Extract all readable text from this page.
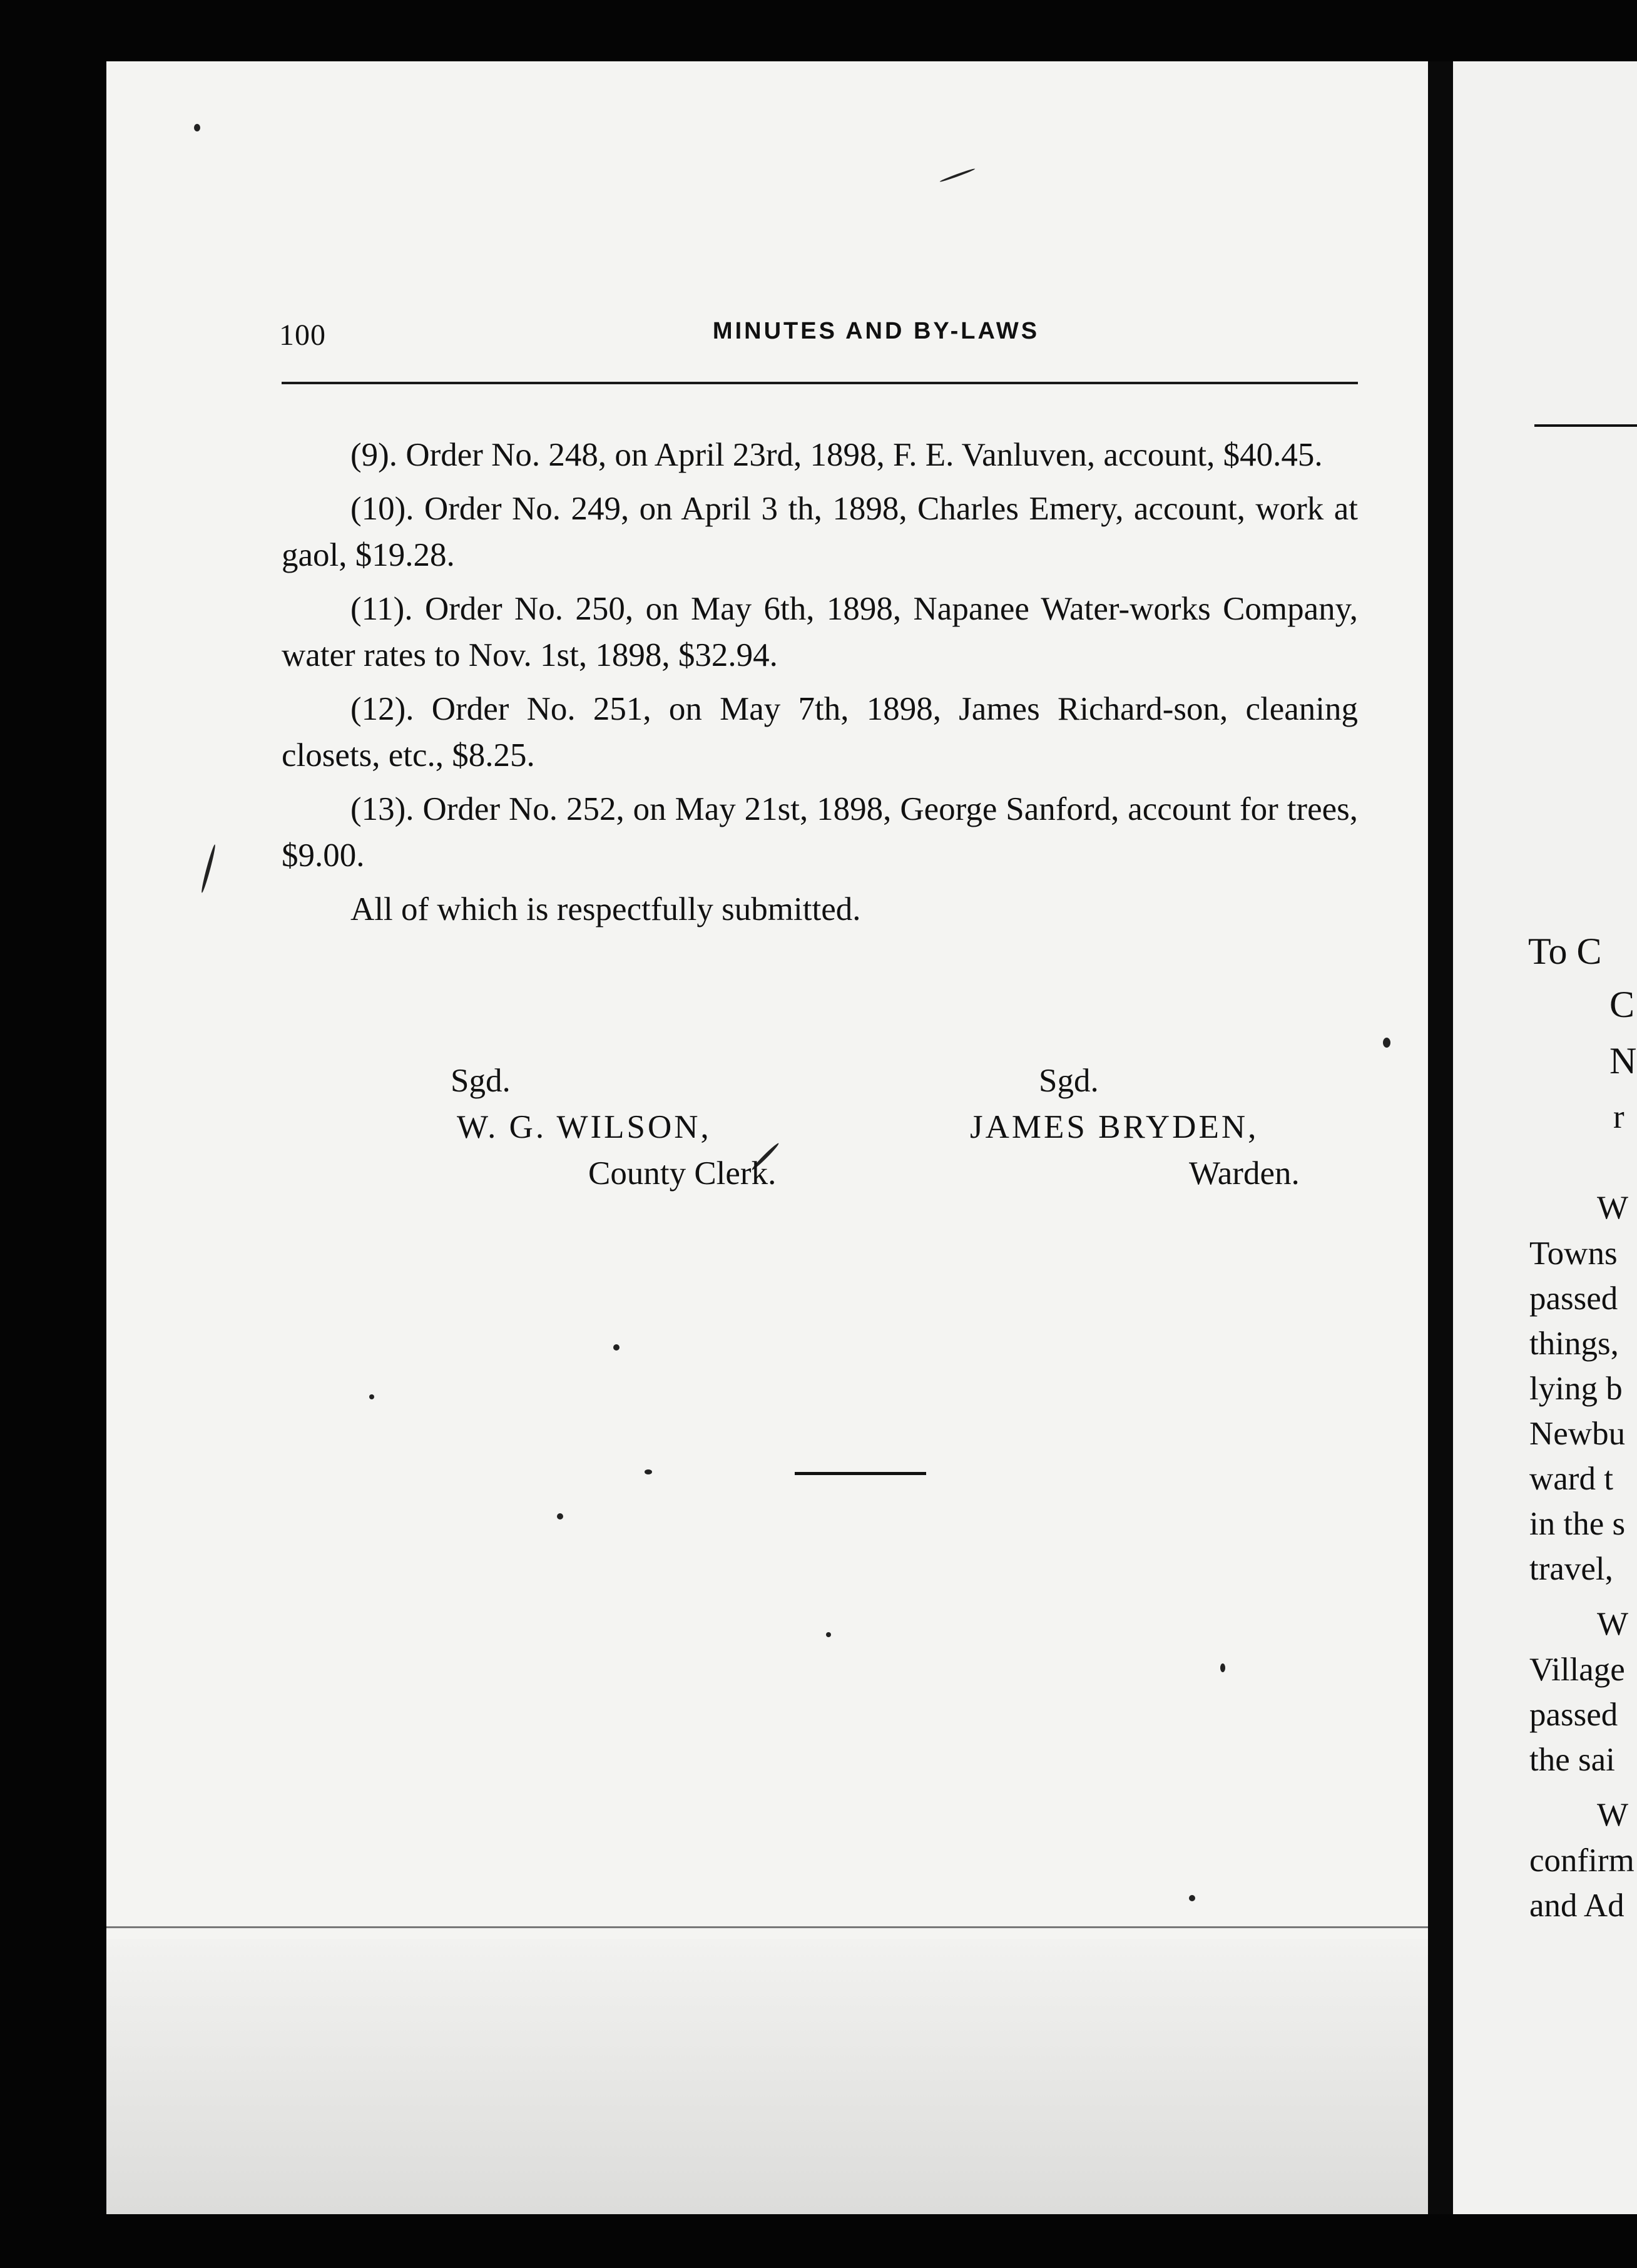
100	MINUTES AND BY-LAWS

(9). Order No. 248, on April 23rd, 1898, F. E. Vanluven, account, $40.45.

(10). Order No. 249, on April 3 th, 1898, Charles Emery, account, work at gaol, $19.28.

(11). Order No. 250, on May 6th, 1898, Napanee Water-works Company, water rates to Nov. 1st, 1898, $32.94.

(12). Order No. 251, on May 7th, 1898, James Richard-son, cleaning closets, etc., $8.25.

(13). Order No. 252, on May 21st, 1898, George Sanford, account for trees, $9.00.

All of which is respectfully submitted.

Sgd.	Sgd.
W. G. WILSON,	JAMES BRYDEN,
County Clerk.	Warden.
To C
C
N
r
W
Towns
passed
things,
lying b
Newbu
ward t
in the s
travel,
W
Village
passed
the sai
W
confirm
and Ad
